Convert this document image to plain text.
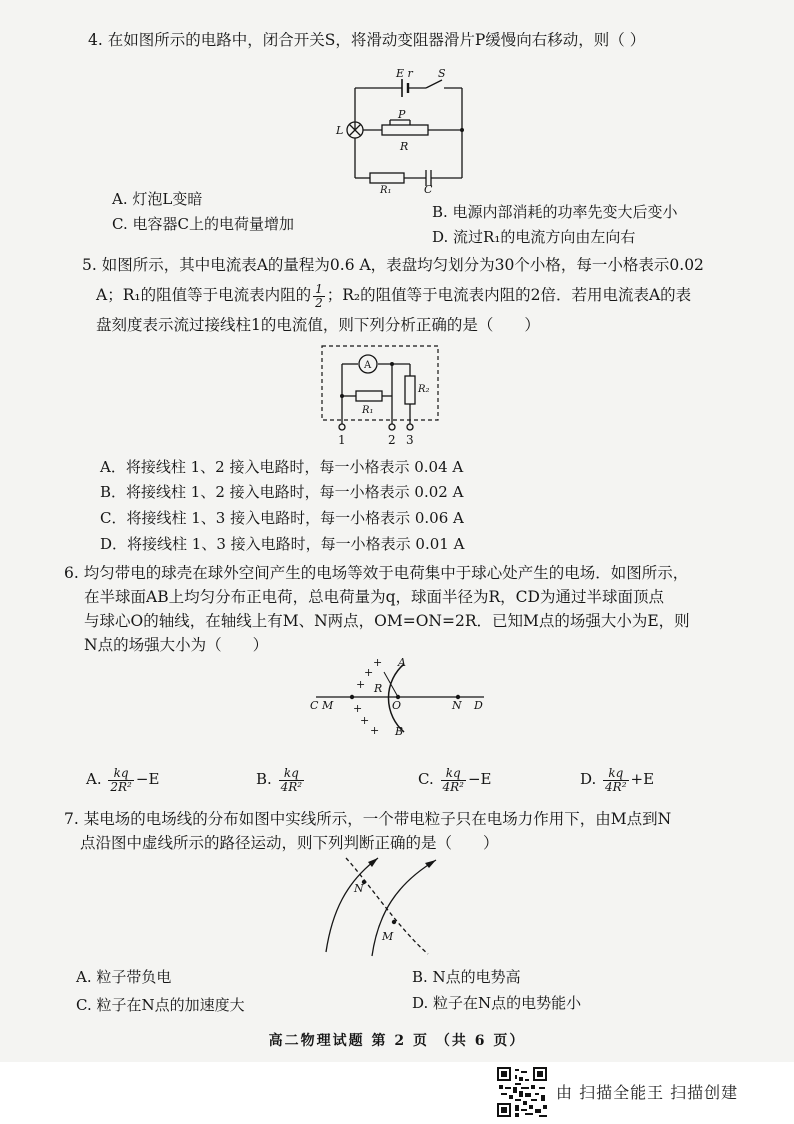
4. 在如图所示的电路中，闭合开关S，将滑动变阻器滑片P缓慢向右移动，则（ ）
E r S
L
P
R
R₁	C
A. 灯泡L变暗
C. 电容器C上的电荷量增加
B. 电源内部消耗的功率先变大后变小
D. 流过R₁的电流方向由左向右
5. 如图所示，其中电流表A的量程为0.6 A，表盘均匀划分为30个小格，每一小格表示0.02
A；R₁的阻值等于电流表内阻的 $\frac{1}{2}$ ；R₂的阻值等于电流表内阻的2倍．若用电流表A的表
盘刻度表示流过接线柱1的电流值，则下列分析正确的是（　　）
A
R₁
R₂
1	2 3
A．将接线柱 1、2 接入电路时，每一小格表示 0.04 A
B．将接线柱 1、2 接入电路时，每一小格表示 0.02 A
C．将接线柱 1、3 接入电路时，每一小格表示 0.06 A
D．将接线柱 1、3 接入电路时，每一小格表示 0.01 A
6. 均匀带电的球壳在球外空间产生的电场等效于电荷集中于球心处产生的电场．如图所示，
在半球面AB上均匀分布正电荷，总电荷量为q，球面半径为R，CD为通过半球面顶点
与球心O的轴线，在轴线上有M、N两点，OM=ON=2R．已知M点的场强大小为E，则
N点的场强大小为（　　）
+
+
+
+
+
+
C M
R
O	N D
A
B
A. $\frac{kq}{\text{2R²}} -E$	B. $\frac{kq}{\text{4R²}}$	C. $\frac{kq}{\text{4R²}} -E$	D. $\frac{kq}{\text{4R²}} +E$
7. 某电场的电场线的分布如图中实线所示，一个带电粒子只在电场力作用下，由M点到N
点沿图中虚线所示的路径运动，则下列判断正确的是（　　）
N
M
A. 粒子带负电
C. 粒子在N点的加速度大
B. N点的电势高
D. 粒子在N点的电势能小
高二物理试题 第 2 页 （共 6 页）
由 扫描全能王 扫描创建
